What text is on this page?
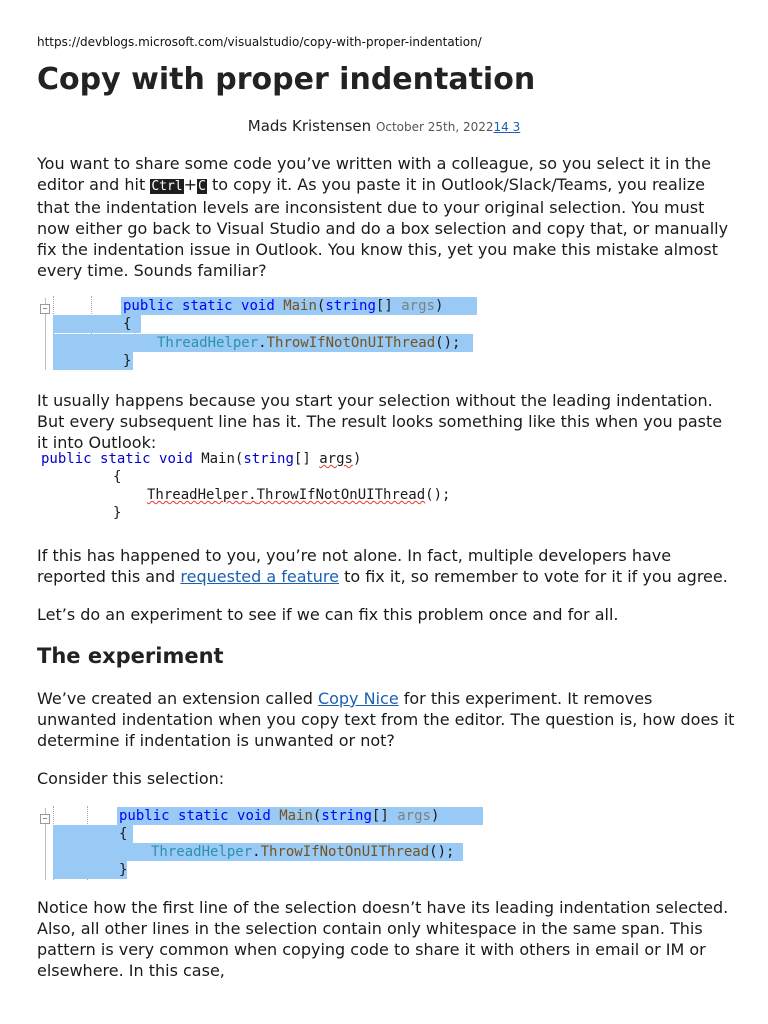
https://devblogs.microsoft.com/visualstudio/copy-with-proper-indentation/
Copy with proper indentation
Mads Kristensen October 25th, 202214 3

You want to share some code you’ve written with a colleague, so you select it in the editor and hit Ctrl+C to copy it. As you paste it in Outlook/Slack/Teams, you realize that the indentation levels are inconsistent due to your original selection. You must now either go back to Visual Studio and do a box selection and copy that, or manually fix the indentation issue in Outlook. You know this, yet you make this mistake almost every time. Sounds familiar?

−	public static void Main(string[] args)
{
ThreadHelper.ThrowIfNotOnUIThread();
}

It usually happens because you start your selection without the leading indentation. But every subsequent line has it. The result looks something like this when you paste it into Outlook:

public static void Main(string[] args)
{
ThreadHelper.ThrowIfNotOnUIThread();
}

If this has happened to you, you’re not alone. In fact, multiple developers have reported this and requested a feature to fix it, so remember to vote for it if you agree.

Let’s do an experiment to see if we can fix this problem once and for all.

The experiment

We’ve created an extension called Copy Nice for this experiment. It removes unwanted indentation when you copy text from the editor. The question is, how does it determine if indentation is unwanted or not?

Consider this selection:

−	public static void Main(string[] args)
{
ThreadHelper.ThrowIfNotOnUIThread();
}

Notice how the first line of the selection doesn’t have its leading indentation selected. Also, all other lines in the selection contain only whitespace in the same span. This pattern is very common when copying code to share it with others in email or IM or elsewhere. In this case,
